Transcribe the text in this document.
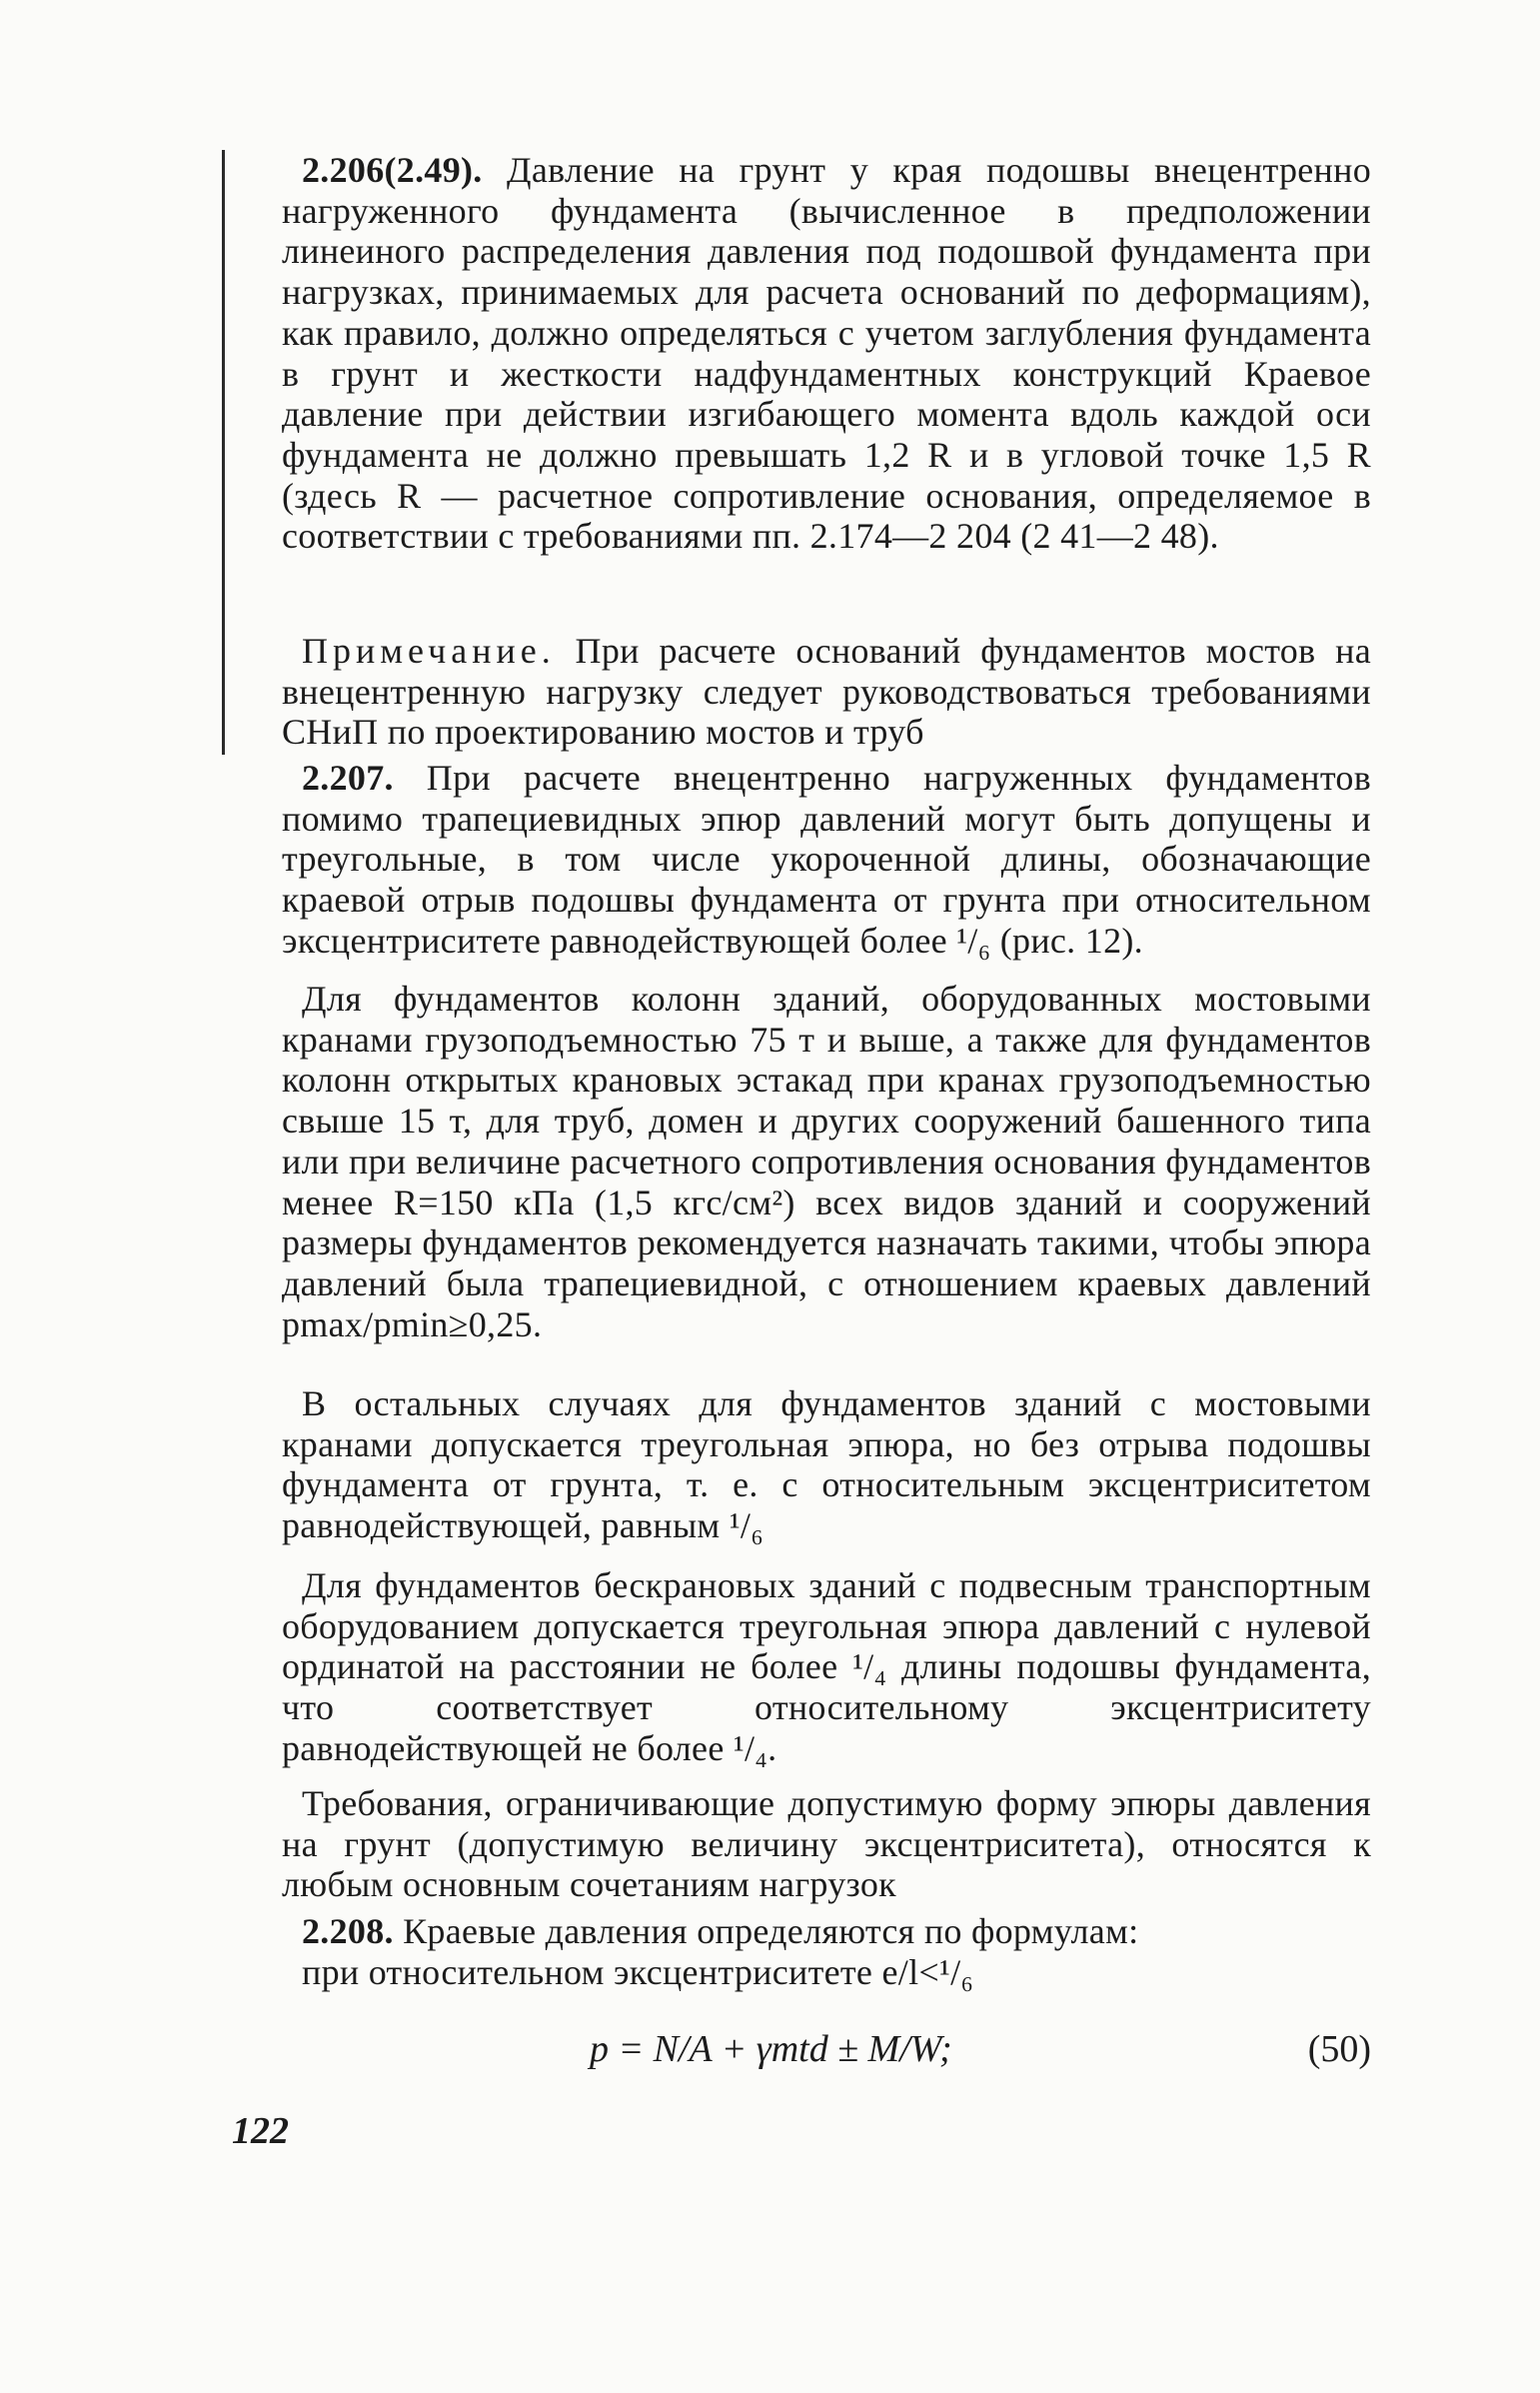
2.206(2.49). Давление на грунт у края подошвы внецентренно нагруженного фундамента (вычисленное в предположении линеиного распределения давления под подошвой фундамента при нагрузках, принимаемых для расчета оснований по деформациям), как правило, должно определяться с учетом заглубления фундамента в грунт и жесткости надфундаментных конструкций Краевое давление при действии изгибающего момента вдоль каждой оси фундамента не должно превышать 1,2 R и в угловой точке 1,5 R (здесь R — расчетное сопротивление основания, определяемое в соответствии с требованиями пп. 2.174—2 204 (2 41—2 48).

Примечание. При расчете оснований фундаментов мостов на внецентренную нагрузку следует руководствоваться требованиями СНиП по проектированию мостов и труб

2.207. При расчете внецентренно нагруженных фундаментов помимо трапециевидных эпюр давлений могут быть допущены и треугольные, в том числе укороченной длины, обозначающие краевой отрыв подошвы фундамента от грунта при относительном эксцентриситете равнодействующей более ¹/₆ (рис. 12).

Для фундаментов колонн зданий, оборудованных мостовыми кранами грузоподъемностью 75 т и выше, а также для фундаментов колонн открытых крановых эстакад при кранах грузоподъемностью свыше 15 т, для труб, домен и других сооружений башенного типа или при величине расчетного сопротивления основания фундаментов менее R=150 кПа (1,5 кгс/см²) всех видов зданий и сооружений размеры фундаментов рекомендуется назначать такими, чтобы эпюра давлений была трапециевидной, с отношением краевых давлений pmax/pmin≥0,25.

В остальных случаях для фундаментов зданий с мостовыми кранами допускается треугольная эпюра, но без отрыва подошвы фундамента от грунта, т. е. с относительным эксцентриситетом равнодействующей, равным ¹/₆

Для фундаментов бескрановых зданий с подвесным транспортным оборудованием допускается треугольная эпюра давлений с нулевой ординатой на расстоянии не более ¹/₄ длины подошвы фундамента, что соответствует относительному эксцентриситету равнодействующей не более ¹/₄.

Требования, ограничивающие допустимую форму эпюры давления на грунт (допустимую величину эксцентриситета), относятся к любым основным сочетаниям нагрузок

2.208. Краевые давления определяются по формулам:

при относительном эксцентриситете e/l<¹/₆

p = N/A + γmtd ± M/W;	(50)
122
